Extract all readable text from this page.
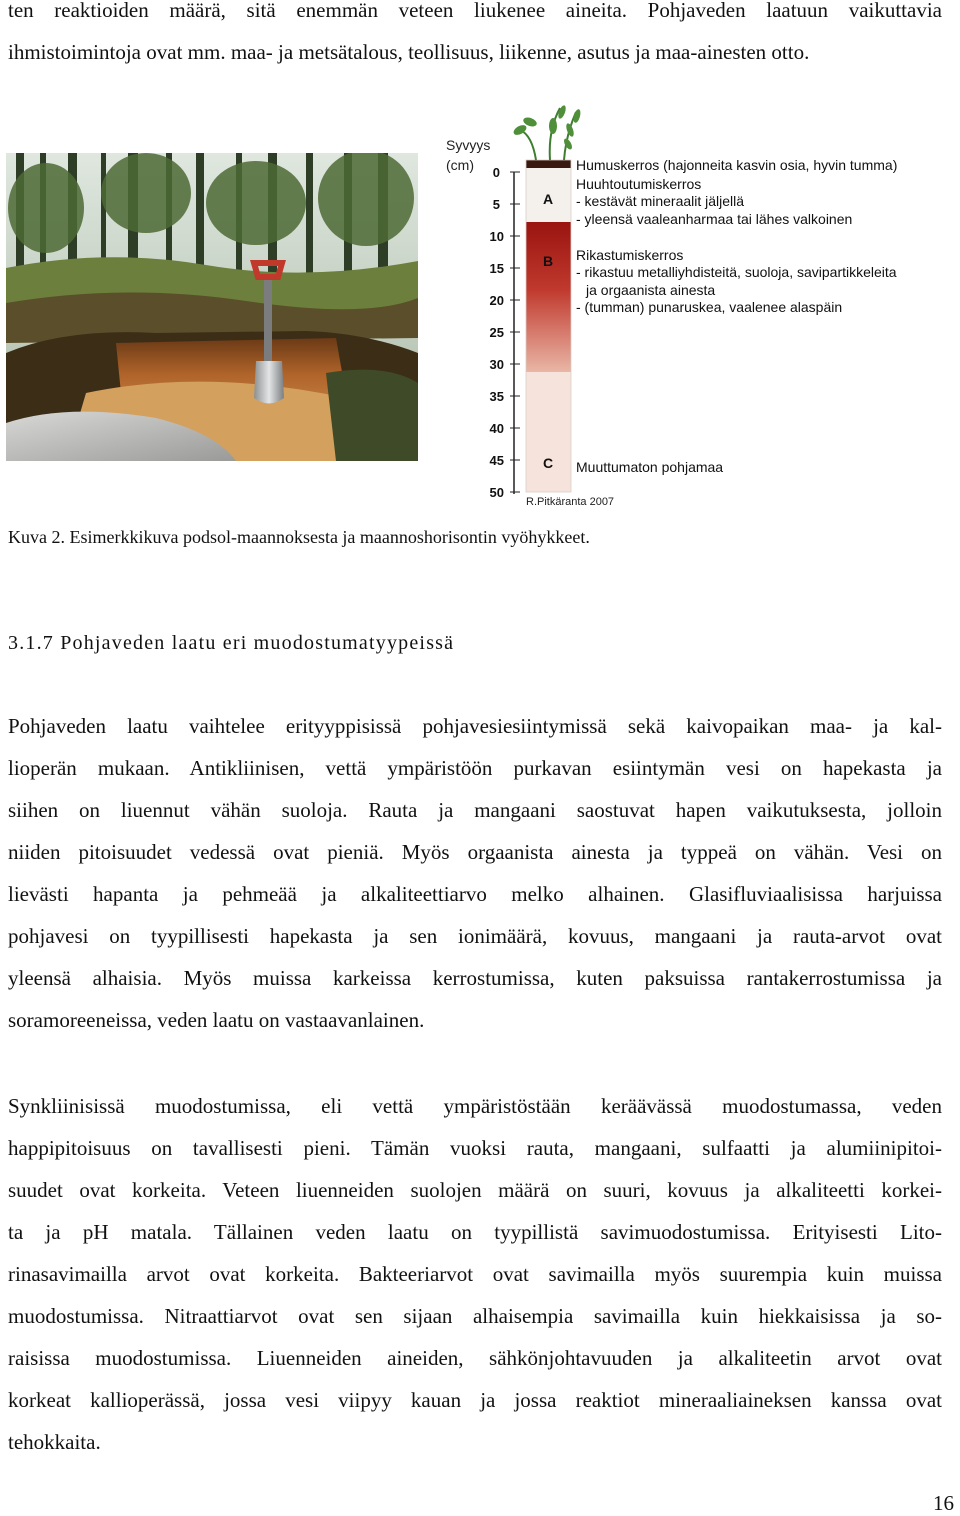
ten reaktioiden määrä, sitä enemmän veteen liukenee aineita. Pohjaveden laatuun vaikuttavia

ihmistoimintoja ovat mm. maa- ja metsätalous, teollisuus, liikenne, asutus ja maa-ainesten otto.

Syvyys
(cm) 0
5
10
15
20
25
30
35
40
45
50
A
B
C
Humuskerros (hajonneita kasvin osia, hyvin tumma)
Huuhtoutumiskerros
- kestävät mineraalit jäljellä
- yleensä vaaleanharmaa tai lähes valkoinen
Rikastumiskerros
- rikastuu metalliyhdisteitä, suoloja, savipartikkeleita
ja orgaanista ainesta
- (tumman) punaruskea, vaalenee alaspäin
Muuttumaton pohjamaa
R.Pitkäranta 2007

Kuva 2. Esimerkkikuva podsol-maannoksesta ja maannoshorisontin vyöhykkeet.

3.1.7 Pohjaveden laatu eri muodostumatyypeissä

Pohjaveden laatu vaihtelee erityyppisissä pohjavesiesiintymissä sekä kaivopaikan maa- ja kal-

lioperän mukaan. Antikliinisen, vettä ympäristöön purkavan esiintymän vesi on hapekasta ja

siihen on liuennut vähän suoloja. Rauta ja mangaani saostuvat hapen vaikutuksesta, jolloin

niiden pitoisuudet vedessä ovat pieniä. Myös orgaanista ainesta ja typpeä on vähän. Vesi on

lievästi hapanta ja pehmeää ja alkaliteettiarvo melko alhainen. Glasifluviaalisissa harjuissa

pohjavesi on tyypillisesti hapekasta ja sen ionimäärä, kovuus, mangaani ja rauta-arvot ovat

yleensä alhaisia. Myös muissa karkeissa kerrostumissa, kuten paksuissa rantakerrostumissa ja

soramoreeneissa, veden laatu on vastaavanlainen.

Synkliinisissä muodostumissa, eli vettä ympäristöstään keräävässä muodostumassa, veden

happipitoisuus on tavallisesti pieni. Tämän vuoksi rauta, mangaani, sulfaatti ja alumiinipitoi-

suudet ovat korkeita. Veteen liuenneiden suolojen määrä on suuri, kovuus ja alkaliteetti korkei-

ta ja pH matala. Tällainen veden laatu on tyypillistä savimuodostumissa. Erityisesti Lito-

rinasavimailla arvot ovat korkeita. Bakteeriarvot ovat savimailla myös suurempia kuin muissa

muodostumissa. Nitraattiarvot ovat sen sijaan alhaisempia savimailla kuin hiekkaisissa ja so-

raisissa muodostumissa. Liuenneiden aineiden, sähkönjohtavuuden ja alkaliteetin arvot ovat

korkeat kallioperässä, jossa vesi viipyy kauan ja jossa reaktiot mineraaliaineksen kanssa ovat

tehokkaita.

16
